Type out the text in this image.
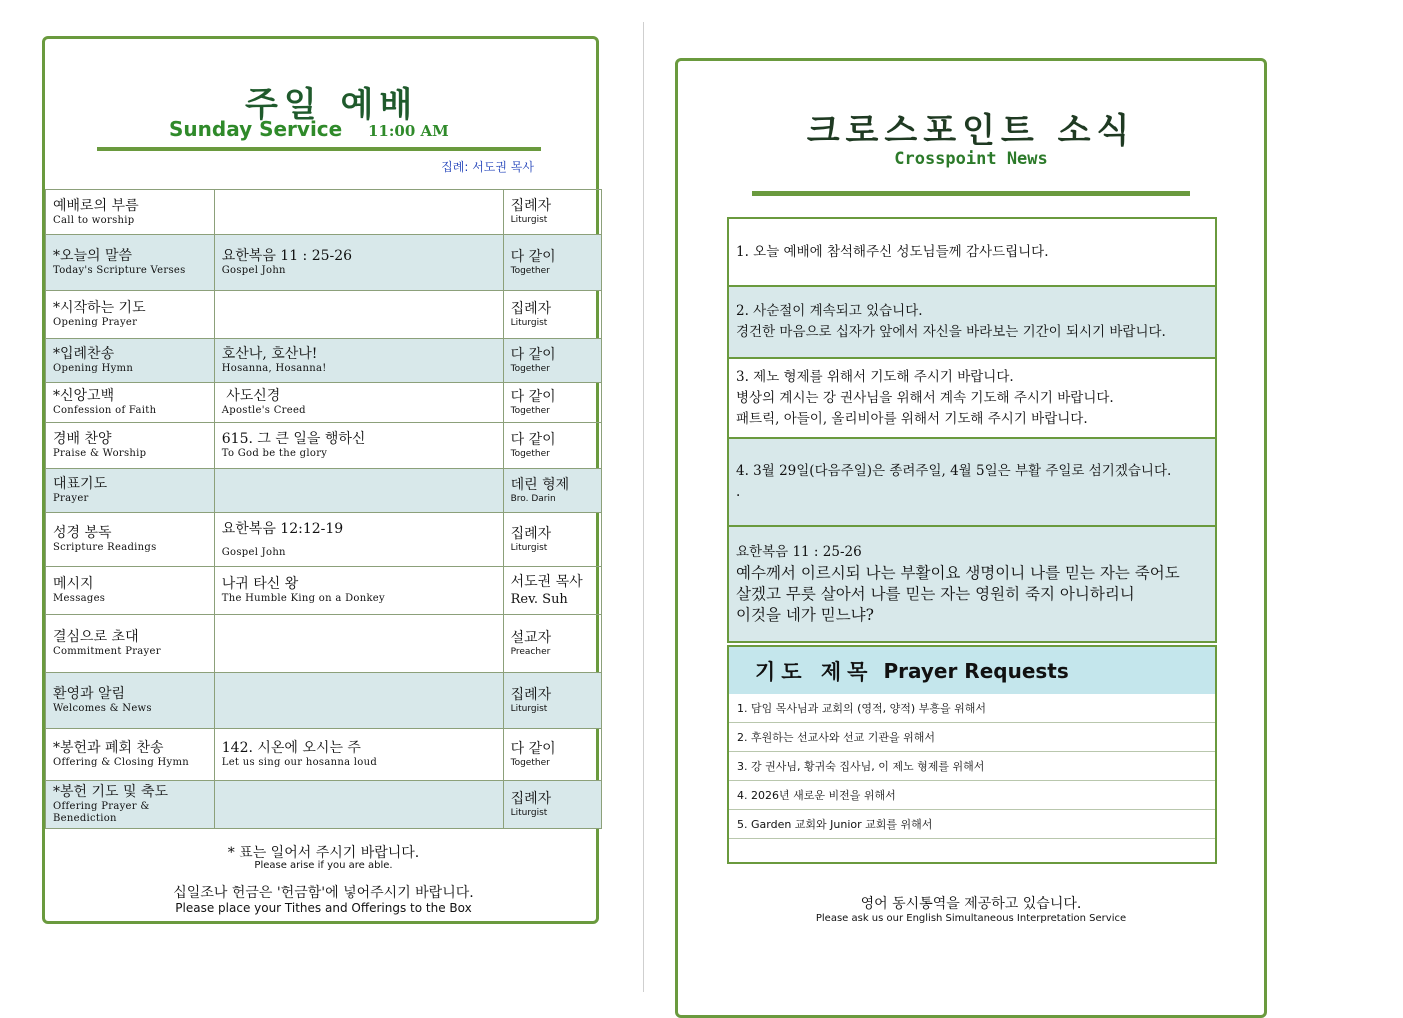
주일 예배
Sunday Service 11:00 AM
집례: 서도권 목사
예배로의 부름
Call to worship		집례자
Liturgist

*오늘의 말씀
Today's Scripture Verses	요한복음 11 : 25-26
Gospel John	다 같이
Together

*시작하는 기도
Opening Prayer		집례자
Liturgist

*입례찬송
Opening Hymn	호산나, 호산나!
Hosanna, Hosanna!	다 같이
Together

*신앙고백
Confession of Faith	사도신경
Apostle's Creed	다 같이
Together

경배 찬양
Praise & Worship	615. 그 큰 일을 행하신
To God be the glory	다 같이
Together

대표기도
Prayer		데린 형제
Bro. Darin

성경 봉독
Scripture Readings	요한복음 12:12-19
Gospel John	집례자
Liturgist

메시지
Messages	나귀 타신 왕
The Humble King on a Donkey	서도권 목사
Rev. Suh

결심으로 초대
Commitment Prayer		설교자
Preacher

환영과 알림
Welcomes & News		집례자
Liturgist

*봉헌과 폐회 찬송
Offering & Closing Hymn	142. 시온에 오시는 주
Let us sing our hosanna loud	다 같이
Together

*봉헌 기도 및 축도
Offering Prayer & Benediction		집례자
Liturgist
* 표는 일어서 주시기 바랍니다.
Please arise if you are able.
십일조나 헌금은 '헌금함'에 넣어주시기 바랍니다.
Please place your Tithes and Offerings to the Box
크로스포인트 소식
Crosspoint News
1. 오늘 예배에 참석해주신 성도님들께 감사드립니다.
2. 사순절이 계속되고 있습니다.
경건한 마음으로 십자가 앞에서 자신을 바라보는 기간이 되시기 바랍니다.
3. 제노 형제를 위해서 기도해 주시기 바랍니다.
병상의 계시는 강 권사님을 위해서 계속 기도해 주시기 바랍니다.
패트릭, 아들이, 올리비아를 위해서 기도해 주시기 바랍니다.
4. 3월 29일(다음주일)은 종려주일, 4월 5일은 부활 주일로 섬기겠습니다.
.
요한복음 11 : 25-26
예수께서 이르시되 나는 부활이요 생명이니 나를 믿는 자는 죽어도
살겠고 무릇 살아서 나를 믿는 자는 영원히 죽지 아니하리니
이것을 네가 믿느냐?
기도 제목 Prayer Requests
1. 담임 목사님과 교회의 (영적, 양적) 부흥을 위해서
2. 후원하는 선교사와 선교 기관을 위해서
3. 강 권사님, 황귀숙 집사님, 이 제노 형제를 위해서
4. 2026년 새로운 비전을 위해서
5. Garden 교회와 Junior 교회를 위해서
영어 동시통역을 제공하고 있습니다.
Please ask us our English Simultaneous Interpretation Service
